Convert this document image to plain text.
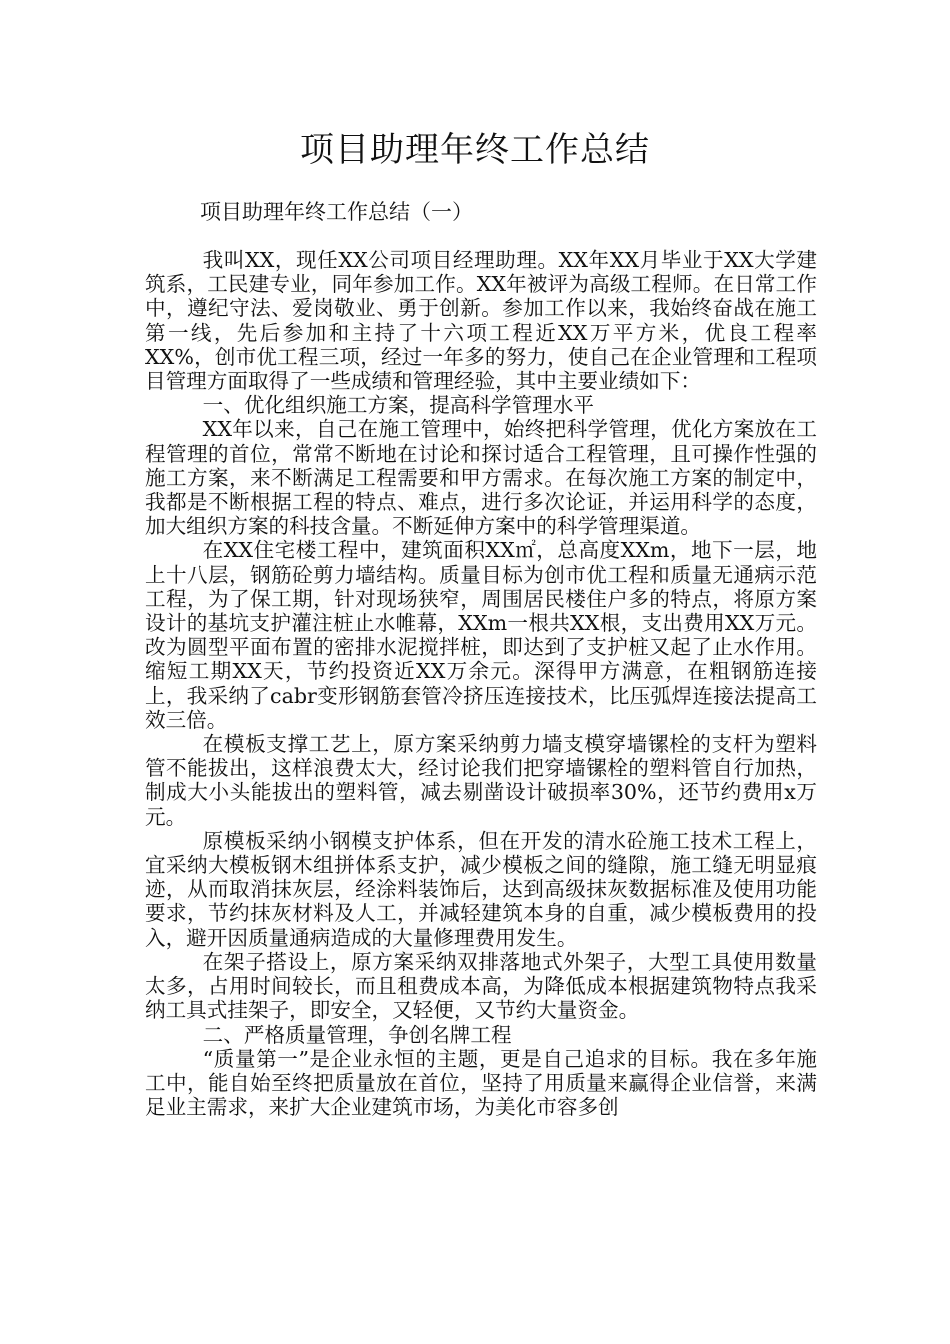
项目助理年终工作总结

项目助理年终工作总结（一）

我叫XX，现任XX公司项目经理助理。XX年XX月毕业于XX大学建筑系，工民建专业，同年参加工作。XX年被评为高级工程师。在日常工作中，遵纪守法、爱岗敬业、勇于创新。参加工作以来，我始终奋战在施工第一线，先后参加和主持了十六项工程近XX万平方米，优良工程率XX%，创市优工程三项，经过一年多的努力，使自己在企业管理和工程项目管理方面取得了一些成绩和管理经验，其中主要业绩如下：

一、优化组织施工方案，提高科学管理水平

XX年以来，自己在施工管理中，始终把科学管理，优化方案放在工程管理的首位，常常不断地在讨论和探讨适合工程管理，且可操作性强的施工方案，来不断满足工程需要和甲方需求。在每次施工方案的制定中，我都是不断根据工程的特点、难点，进行多次论证，并运用科学的态度，加大组织方案的科技含量。不断延伸方案中的科学管理渠道。

在XX住宅楼工程中，建筑面积XX㎡，总高度XXm，地下一层，地上十八层，钢筋砼剪力墙结构。质量目标为创市优工程和质量无通病示范工程，为了保工期，针对现场狭窄，周围居民楼住户多的特点，将原方案设计的基坑支护灌注桩止水帷幕，XXm一根共XX根，支出费用XX万元。改为圆型平面布置的密排水泥搅拌桩，即达到了支护桩又起了止水作用。缩短工期XX天，节约投资近XX万余元。深得甲方满意，在粗钢筋连接上，我采纳了cabr变形钢筋套管冷挤压连接技术，比压弧焊连接法提高工效三倍。

在模板支撑工艺上，原方案采纳剪力墙支模穿墙镙栓的支杆为塑料管不能拔出，这样浪费太大，经讨论我们把穿墙镙栓的塑料管自行加热，制成大小头能拔出的塑料管，减去剔凿设计破损率30%，还节约费用x万元。

原模板采纳小钢模支护体系，但在开发的清水砼施工技术工程上，宜采纳大模板钢木组拼体系支护，减少模板之间的缝隙，施工缝无明显痕迹，从而取消抹灰层，经涂料装饰后，达到高级抹灰数据标准及使用功能要求，节约抹灰材料及人工，并减轻建筑本身的自重，减少模板费用的投入，避开因质量通病造成的大量修理费用发生。

在架子搭设上，原方案采纳双排落地式外架子，大型工具使用数量太多，占用时间较长，而且租费成本高，为降低成本根据建筑物特点我采纳工具式挂架子，即安全，又轻便，又节约大量资金。

二、严格质量管理，争创名牌工程

“质量第一”是企业永恒的主题，更是自己追求的目标。我在多年施工中，能自始至终把质量放在首位，坚持了用质量来赢得企业信誉，来满足业主需求，来扩大企业建筑市场，为美化市容多创
